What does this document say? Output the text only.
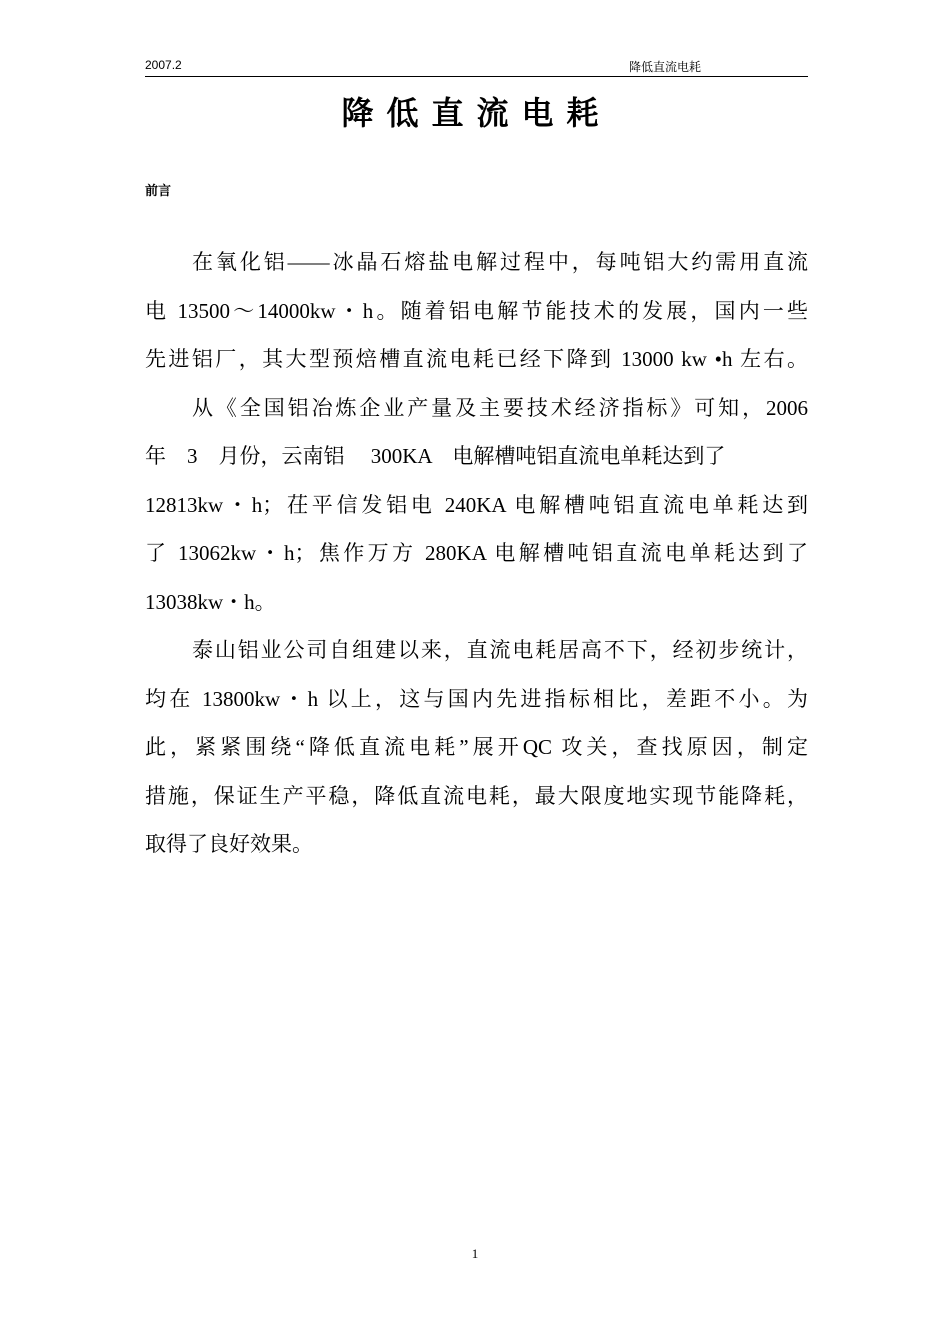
2007.2	降低直流电耗
降低直流电耗
前言
在氧化铝——冰晶石熔盐电解过程中，每吨铝大约需用直流
电 13500～14000kw・h。随着铝电解节能技术的发展，国内一些
先进铝厂，其大型预焙槽直流电耗已经下降到 13000 kw •h 左右。
从《全国铝冶炼企业产量及主要技术经济指标》可知，2006
年　3　月份，云南铝　 300KA　电解槽吨铝直流电单耗达到了
12813kw・h；茌平信发铝电 240KA 电解槽吨铝直流电单耗达到
了 13062kw・h；焦作万方 280KA 电解槽吨铝直流电单耗达到了
13038kw・h。
泰山铝业公司自组建以来，直流电耗居高不下，经初步统计，
均在 13800kw・h 以上，这与国内先进指标相比，差距不小。为
此，紧紧围绕“降低直流电耗”展开QC 攻关，查找原因，制定
措施，保证生产平稳，降低直流电耗，最大限度地实现节能降耗，
取得了良好效果。
1
